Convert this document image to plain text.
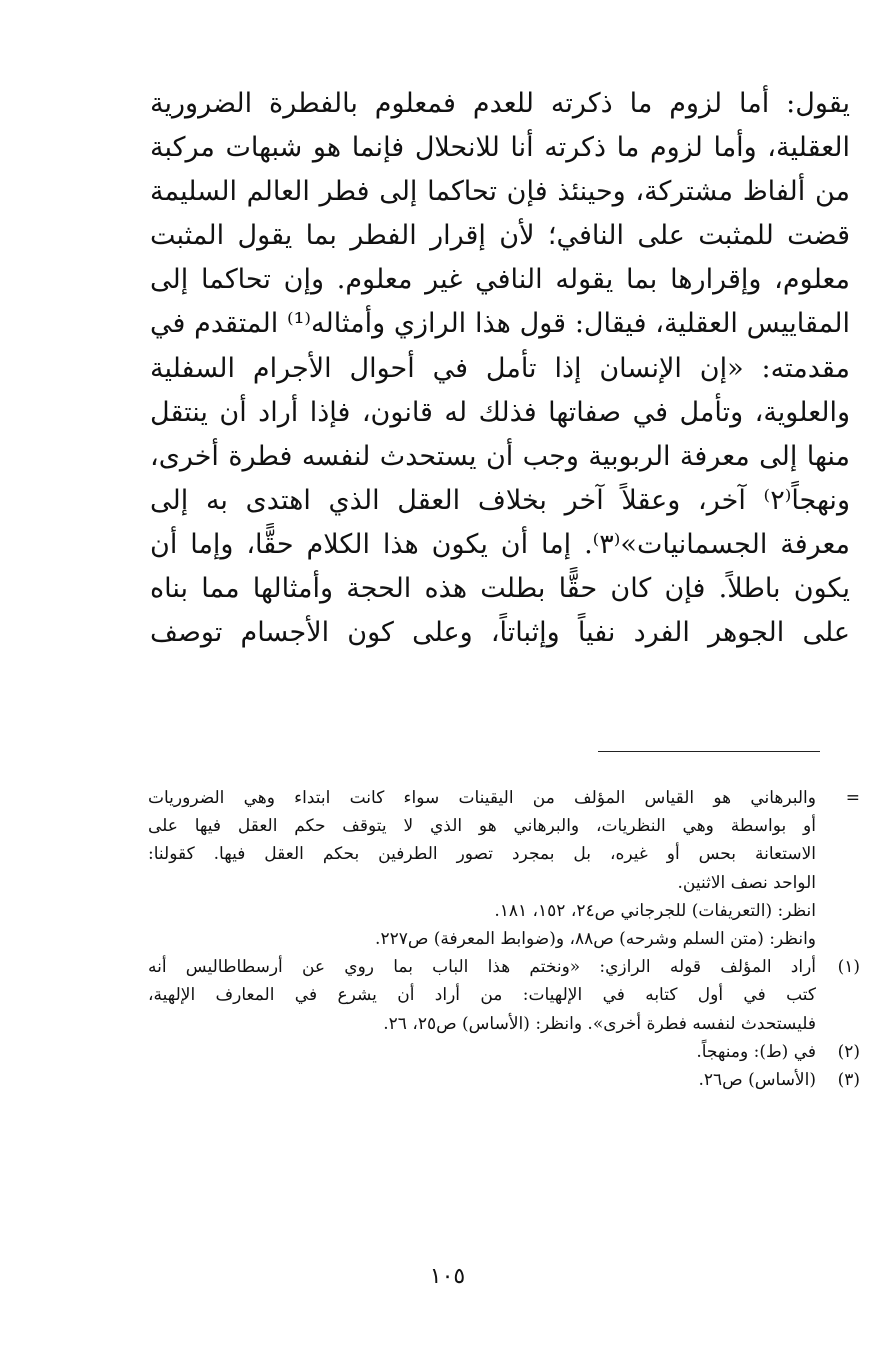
يقول: أما لزوم ما ذكرته للعدم فمعلوم بالفطرة الضرورية
العقلية، وأما لزوم ما ذكرته أنا للانحلال فإنما هو شبهات مركبة
من ألفاظ مشتركة، وحينئذ فإن تحاكما إلى فطر العالم السليمة
قضت للمثبت على النافي؛ لأن إقرار الفطر بما يقول المثبت
معلوم، وإقرارها بما يقوله النافي غير معلوم. وإن تحاكما إلى
المقاييس العقلية، فيقال: قول هذا الرازي وأمثاله⁽¹⁾ المتقدم في
مقدمته: «إن الإنسان إذا تأمل في أحوال الأجرام السفلية
والعلوية، وتأمل في صفاتها فذلك له قانون، فإذا أراد أن ينتقل
منها إلى معرفة الربوبية وجب أن يستحدث لنفسه فطرة أخرى،
ونهجاً⁽٢⁾ آخر، وعقلاً آخر بخلاف العقل الذي اهتدى به إلى
معرفة الجسمانيات»⁽٣⁾. إما أن يكون هذا الكلام حقًّا، وإما أن
يكون باطلاً. فإن كان حقًّا بطلت هذه الحجة وأمثالها مما بناه
على الجوهر الفرد نفياً وإثباتاً، وعلى كون الأجسام توصف
=
والبرهاني هو القياس المؤلف من اليقينات سواء كانت ابتداء وهي الضروريات
أو بواسطة وهي النظريات، والبرهاني هو الذي لا يتوقف حكم العقل فيها على
الاستعانة بحس أو غيره، بل بمجرد تصور الطرفين بحكم العقل فيها. كقولنا:
الواحد نصف الاثنين.
انظر: (التعريفات) للجرجاني ص٢٤، ١٥٢، ١٨١.
وانظر: (متن السلم وشرحه) ص٨٨، و(ضوابط المعرفة) ص٢٢٧.
(١)
أراد المؤلف قوله الرازي: «ونختم هذا الباب بما روي عن أرسطاطاليس أنه
كتب في أول كتابه في الإلهيات: من أراد أن يشرع في المعارف الإلهية،
فليستحدث لنفسه فطرة أخرى». وانظر: (الأساس) ص٢٥، ٢٦.
(٢)
في (ط): ومنهجاً.
(٣)
(الأساس) ص٢٦.
١٠٥
